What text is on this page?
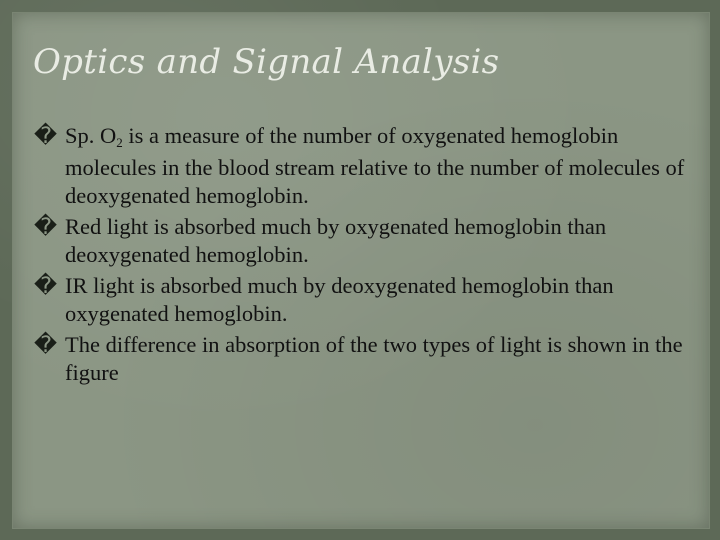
Optics and Signal Analysis
� Sp. O2 is a measure of the number of oxygenated hemoglobin molecules in the blood stream relative to the number of molecules of deoxygenated hemoglobin.
� Red light is absorbed much by oxygenated hemoglobin than deoxygenated hemoglobin.
� IR light is absorbed much by deoxygenated hemoglobin than oxygenated hemoglobin.
� The difference in absorption of the two types of light is shown in the figure
